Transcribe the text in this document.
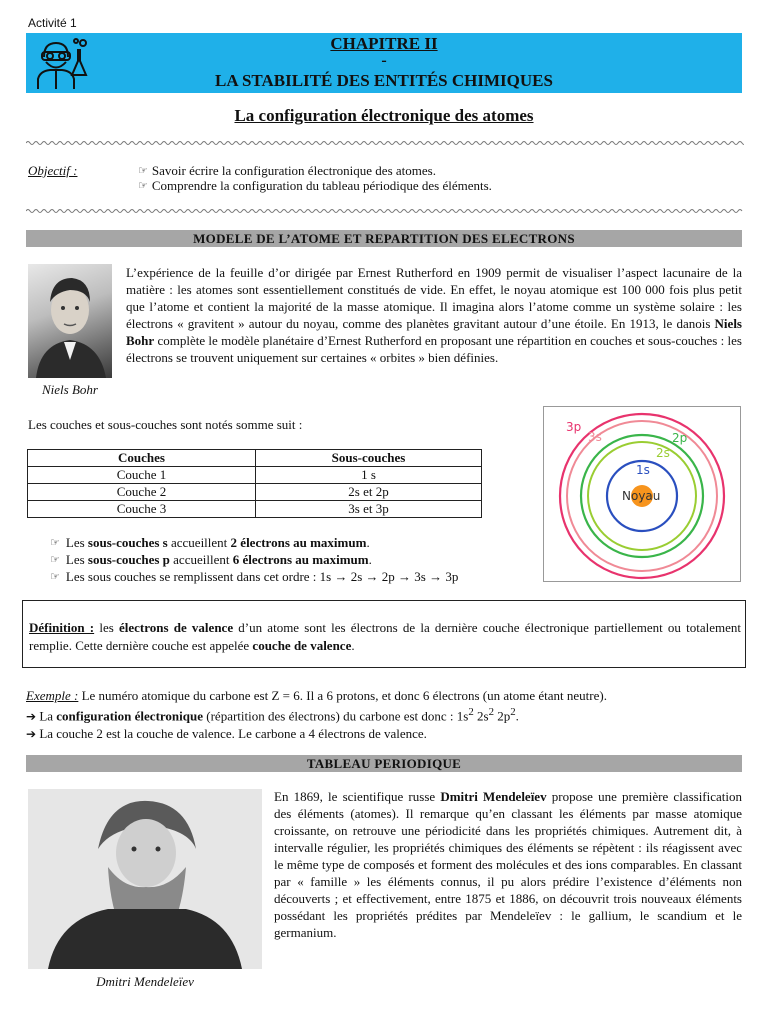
Activité 1
CHAPITRE II
-
LA STABILITÉ DES ENTITÉS CHIMIQUES
La configuration électronique des atomes
Objectif :	☞ Savoir écrire la configuration électronique des atomes.
☞ Comprendre la configuration du tableau périodique des éléments.
MODELE DE L’ATOME ET REPARTITION DES ELECTRONS
Niels Bohr
L’expérience de la feuille d’or dirigée par Ernest Rutherford en 1909 permit de visualiser l’aspect lacunaire de la matière : les atomes sont essentiellement constitués de vide. En effet, le noyau atomique est 100 000 fois plus petit que l’atome et contient la majorité de la masse atomique. Il imagina alors l’atome comme un système solaire : les électrons « gravitent » autour du noyau, comme des planètes gravitant autour d’une étoile. En 1913, le danois Niels Bohr complète le modèle planétaire d’Ernest Rutherford en proposant une répartition en couches et sous-couches : les électrons se trouvent uniquement sur certaines « orbites » bien définies.
Les couches et sous-couches sont notés somme suit :
Couches	Sous-couches
Couche 1	1 s
Couche 2	2s et 2p
Couche 3	3s et 3p
☞ Les sous-couches s accueillent 2 électrons au maximum.
☞ Les sous-couches p accueillent 6 électrons au maximum.
☞ Les sous couches se remplissent dans cet ordre : 1s → 2s → 2p → 3s → 3p
3p
3s	2p
2s
1s
Noyau
Définition : les électrons de valence d’un atome sont les électrons de la dernière couche électronique partiellement ou totalement remplie. Cette dernière couche est appelée couche de valence.
Exemple : Le numéro atomique du carbone est Z = 6. Il a 6 protons, et donc 6 électrons (un atome étant neutre).
➔ La configuration électronique (répartition des électrons) du carbone est donc : $1s^2$ $2s^2$ $2p^2$.
➔ La couche 2 est la couche de valence. Le carbone a 4 électrons de valence.
TABLEAU PERIODIQUE
Dmitri Mendeleïev
En 1869, le scientifique russe Dmitri Mendeleïev propose une première classification des éléments (atomes). Il remarque qu’en classant les éléments par masse atomique croissante, on retrouve une périodicité dans les propriétés chimiques. Autrement dit, à intervalle régulier, les propriétés chimiques des éléments se répètent : ils réagissent avec le même type de composés et forment des molécules et des ions comparables. En classant par « famille » les éléments connus, il pu alors prédire l’existence d’éléments non découverts ; et effectivement, entre 1875 et 1886, on découvrit trois nouveaux éléments possédant les propriétés prédites par Mendeleïev : le gallium, le scandium et le germanium.
